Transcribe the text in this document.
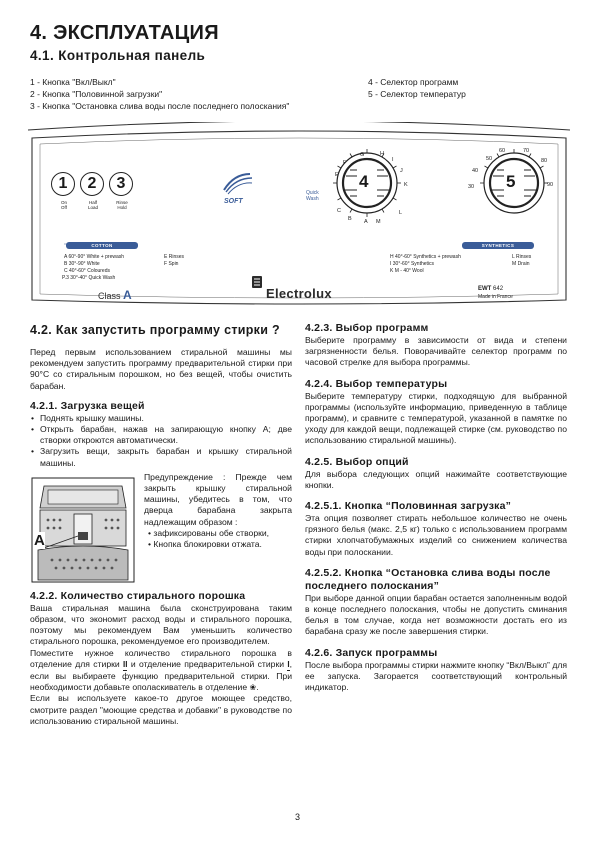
4. ЭКСПЛУАТАЦИЯ
4.1. Контрольная панель
1 - Кнопка "Вкл/Выкл"
2 - Кнопка "Половинной загрузки"
3 - Кнопка "Остановка слива воды после последнего полоскания"
4 - Селектор программ
5 - Селектор температур
1	2	3
On
Off
Half
Load
Rinse
Hold
SOFT
4	5
F
G	H
I
J
K
L
M
A
B
C
E
Quick Wash
50
60	70
40
30
80
90
COTTON
A 60°-90° White + prewash
B 30°-90° White
C 40°-60° Coloureds
P.3 30°-40° Quick Wash
E Rinses
F Spin
SYNTHETICS
H 40°-60° Synthetics + prewash
I 30°-60° Synthetics
K M - 40° Wool
L Rinses
M Drain
Class A	Electrolux	EWT 642
Made in France

4.2. Как запустить программу стирки ?

Перед первым использованием стиральной машины мы рекомендуем запустить программу предварительной стирки при 90°С со стиральным порошком, но без вещей, чтобы очистить барабан.

4.2.1. Загрузка вещей

• Поднять крышку машины.

• Открыть барабан, нажав на запирающую кнопку А; две створки откроются автоматически.

• Загрузить вещи, закрыть барабан и крышку стиральной машины.

A

Предупреждение : Прежде чем закрыть крышку стиральной машины, убедитесь в том, что дверца барабана закрыта надлежащим образом :

• зафиксированы обе створки,

• Кнопка блокировки отжата.

4.2.2. Количество стирального порошка

Ваша стиральная машина была сконструирована таким образом, что экономит расход воды и стирального порошка, поэтому мы рекомендуем Вам уменьшить количество стирального порошка, рекомендуемое его производителем.

Поместите нужное количество стирального порошка в отделение для стирки II и отделение предварительной стирки I, если вы выбираете функцию предварительной стирки. При необходимости добавьте ополаскиватель в отделение ❀.

Если вы используете какое-то другое моющее средство, смотрите раздел "моющие средства и добавки" в руководстве по использованию стиральной машины.

4.2.3. Выбор программ

Выберите программу в зависимости от вида и степени загрязненности белья. Поворачивайте селектор программ по часовой стрелке для выбора программы.

4.2.4. Выбор температуры

Выберите температуру стирки, подходящую для выбранной программы (используйте информацию, приведенную в таблице программ), и сравните с температурой, указанной в памятке по уходу для каждой вещи, подлежащей стирке (см. руководство по использованию стиральной машины).

4.2.5. Выбор опций

Для выбора следующих опций нажимайте соответствующие кнопки.

4.2.5.1. Кнопка “Половинная загрузка”

Эта опция позволяет стирать небольшое количество не очень грязного белья (макс. 2,5 кг) только с использованием программ стирки хлопчатобумажных изделий со снижением количества воды при полоскании.

4.2.5.2. Кнопка “Остановка слива воды после последнего полоскания”

При выборе данной опции барабан остается заполненным водой в конце последнего полоскания, чтобы не допустить сминания белья в том случае, когда нет возможности достать его из барабана сразу же после завершения стирки.

4.2.6. Запуск программы

После выбора программы стирки нажмите кнопку “Вкл/Выкл” для ее запуска. Загорается соответствующий контрольный индикатор.

3
